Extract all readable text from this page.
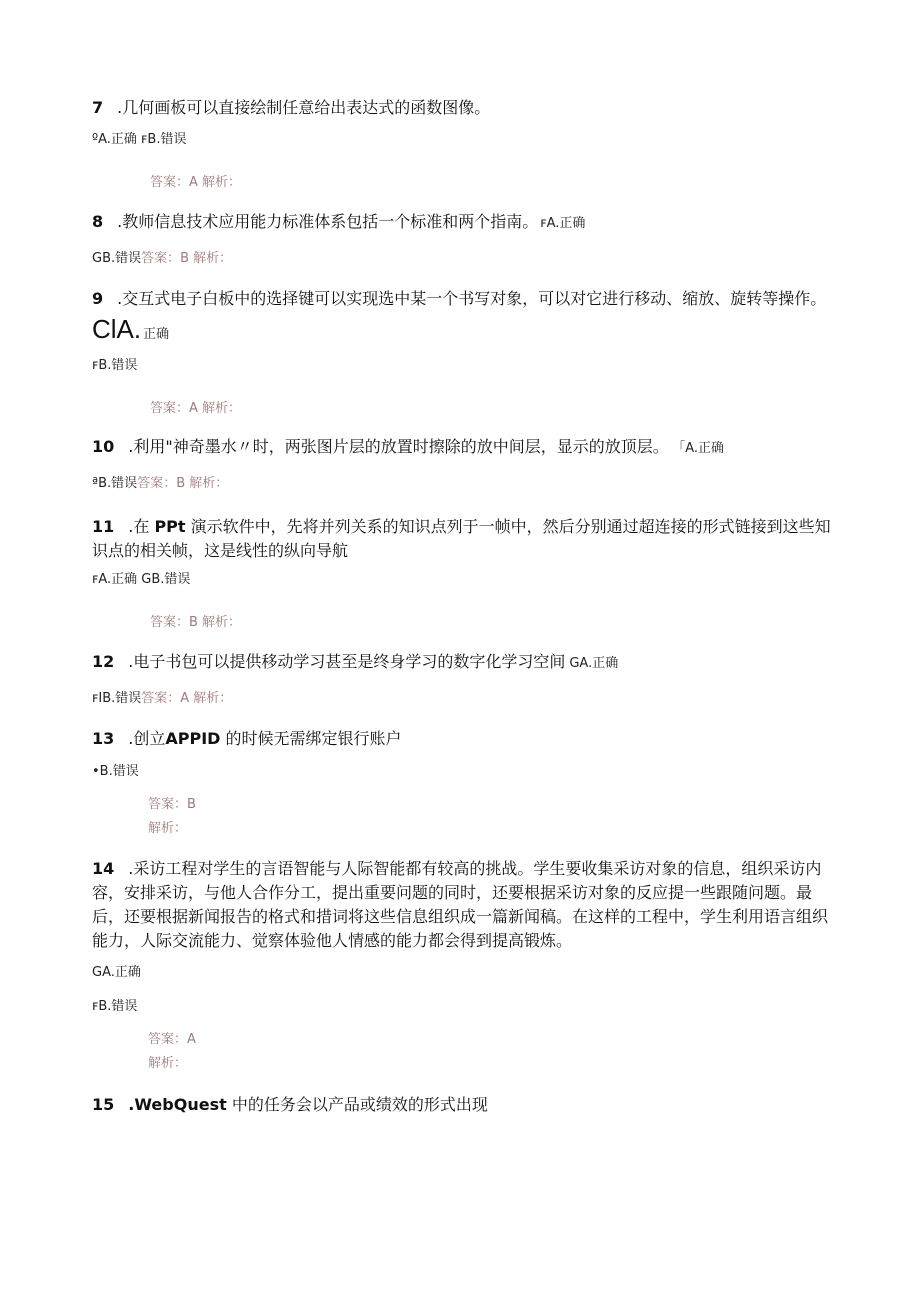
7 .几何画板可以直接绘制任意给出表达式的函数图像。
ºA.正确 ꜰB.错误
答案：A 解析：
8 .教师信息技术应用能力标准体系包括一个标准和两个指南。 ꜰA.正确
GB.错误答案：B 解析：
9 .交互式电子白板中的选择键可以实现选中某一个书写对象，可以对它进行移动、缩放、旋转等操作。
ClA. 正确
ꜰB.错误
答案：A 解析：
10 .利用"神奇墨水〃时，两张图片层的放置时擦除的放中间层，显示的放顶层。 「A.正确
ªB.错误答案：B 解析：
11 .在 PPt 演示软件中，先将并列关系的知识点列于一帧中，然后分别通过超连接的形式链接到这些知识点的相关帧，这是线性的纵向导航
ꜰA.正确 GB.错误
答案：B 解析：
12 .电子书包可以提供移动学习甚至是终身学习的数字化学习空间 GA.正确
ꜰIB.错误答案：A 解析：
13 .创立APPID 的时候无需绑定银行账户
•B.错误
答案：B
解析：
14 .采访工程对学生的言语智能与人际智能都有较高的挑战。学生要收集采访对象的信息，组织采访内容，安排采访，与他人合作分工，提出重要问题的同时，还要根据采访对象的反应提一些跟随问题。最后，还要根据新闻报告的格式和措词将这些信息组织成一篇新闻稿。在这样的工程中，学生利用语言组织能力，人际交流能力、觉察体验他人情感的能力都会得到提高锻炼。
GA.正确
ꜰB.错误
答案：A
解析：
15 .WebQuest 中的任务会以产品或绩效的形式出现
